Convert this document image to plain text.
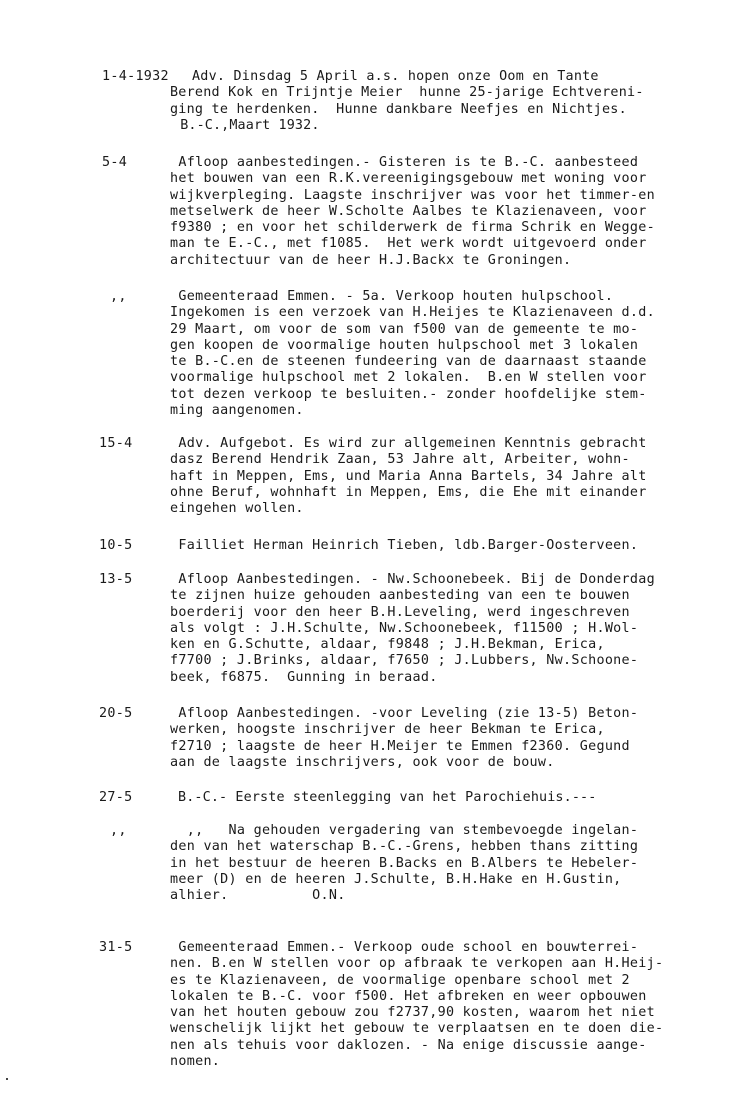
1-4-1932	Adv. Dinsdag 5 April a.s. hopen onze Oom en Tante
Berend Kok en Trijntje Meier  hunne 25-jarige Echtvereni-
ging te herdenken.  Hunne dankbare Neefjes en Nichtjes.
B.-C.,Maart 1932.
5-4	Afloop aanbestedingen.- Gisteren is te B.-C. aanbesteed
het bouwen van een R.K.vereenigingsgebouw met woning voor
wijkverpleging. Laagste inschrijver was voor het timmer-en
metselwerk de heer W.Scholte Aalbes te Klazienaveen, voor
f9380 ; en voor het schilderwerk de firma Schrik en Wegge-
man te E.-C., met f1085.  Het werk wordt uitgevoerd onder
architectuur van de heer H.J.Backx te Groningen.
,,	Gemeenteraad Emmen. - 5a. Verkoop houten hulpschool.
Ingekomen is een verzoek van H.Heijes te Klazienaveen d.d.
29 Maart, om voor de som van f500 van de gemeente te mo-
gen koopen de voormalige houten hulpschool met 3 lokalen
te B.-C.en de steenen fundeering van de daarnaast staande
voormalige hulpschool met 2 lokalen.  B.en W stellen voor
tot dezen verkoop te besluiten.- zonder hoofdelijke stem-
ming aangenomen.
15-4	Adv. Aufgebot. Es wird zur allgemeinen Kenntnis gebracht
dasz Berend Hendrik Zaan, 53 Jahre alt, Arbeiter, wohn-
haft in Meppen, Ems, und Maria Anna Bartels, 34 Jahre alt
ohne Beruf, wohnhaft in Meppen, Ems, die Ehe mit einander
eingehen wollen.
10-5	Failliet Herman Heinrich Tieben, ldb.Barger-Oosterveen.
13-5	Afloop Aanbestedingen. - Nw.Schoonebeek. Bij de Donderdag
te zijnen huize gehouden aanbesteding van een te bouwen
boerderij voor den heer B.H.Leveling, werd ingeschreven
als volgt : J.H.Schulte, Nw.Schoonebeek, f11500 ; H.Wol-
ken en G.Schutte, aldaar, f9848 ; J.H.Bekman, Erica,
f7700 ; J.Brinks, aldaar, f7650 ; J.Lubbers, Nw.Schoone-
beek, f6875.  Gunning in beraad.
20-5	Afloop Aanbestedingen. -voor Leveling (zie 13-5) Beton-
werken, hoogste inschrijver de heer Bekman te Erica,
f2710 ; laagste de heer H.Meijer te Emmen f2360. Gegund
aan de laagste inschrijvers, ook voor de bouw.
27-5	B.-C.- Eerste steenlegging van het Parochiehuis.---
,,	,,   Na gehouden vergadering van stembevoegde ingelan-
den van het waterschap B.-C.-Grens, hebben thans zitting
in het bestuur de heeren B.Backs en B.Albers te Hebeler-
meer (D) en de heeren J.Schulte, B.H.Hake en H.Gustin,
alhier.          O.N.
31-5	Gemeenteraad Emmen.- Verkoop oude school en bouwterrei-
nen. B.en W stellen voor op afbraak te verkopen aan H.Heij-
es te Klazienaveen, de voormalige openbare school met 2
lokalen te B.-C. voor f500. Het afbreken en weer opbouwen
van het houten gebouw zou f2737,90 kosten, waarom het niet
wenschelijk lijkt het gebouw te verplaatsen en te doen die-
nen als tehuis voor daklozen. - Na enige discussie aange-
nomen.
